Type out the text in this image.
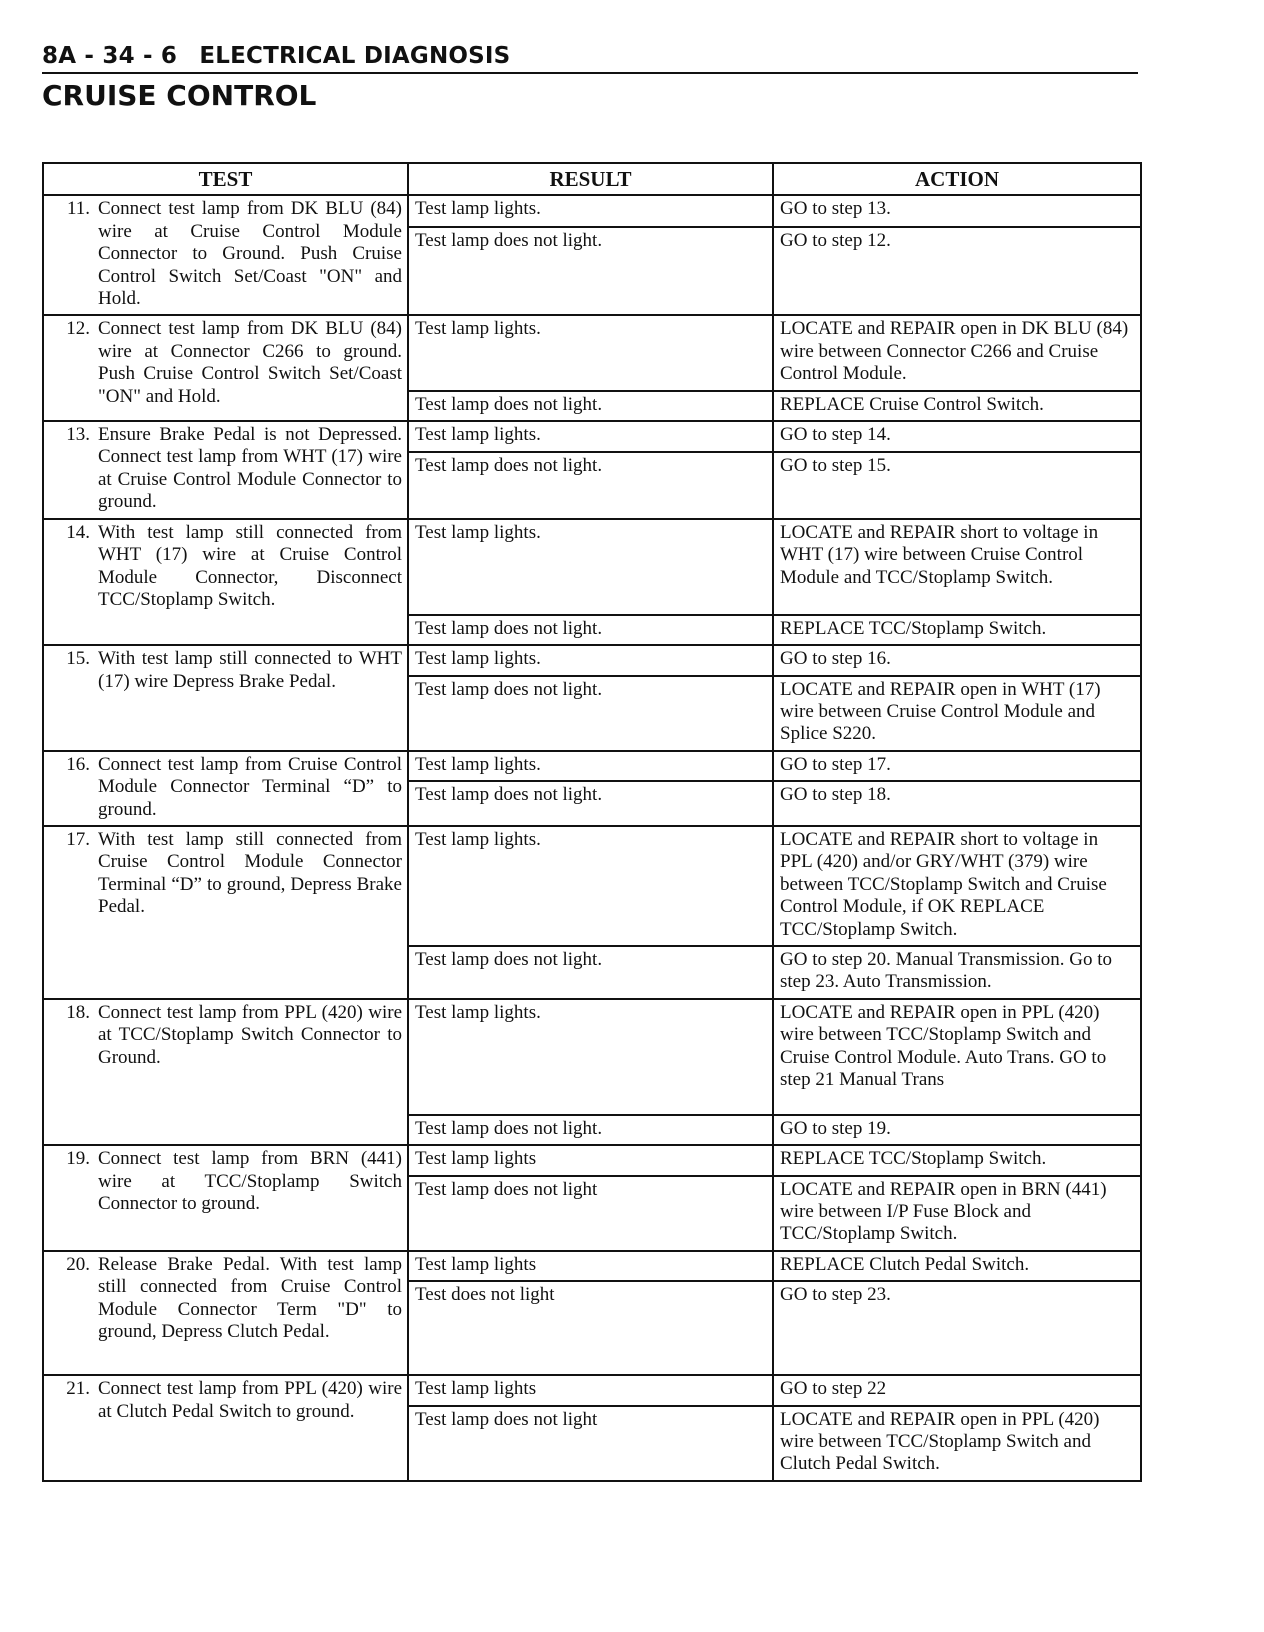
8A - 34 - 6 ELECTRICAL DIAGNOSIS
CRUISE CONTROL
TEST	RESULT	ACTION

11. Connect test lamp from DK BLU (84) wire at Cruise Control Module Connector to Ground. Push Cruise Control Switch Set/Coast "ON" and Hold.	Test lamp lights.	GO to step 13.
	Test lamp does not light.	GO to step 12.

12. Connect test lamp from DK BLU (84) wire at Connector C266 to ground. Push Cruise Control Switch Set/Coast "ON" and Hold.	Test lamp lights.	LOCATE and REPAIR open in DK BLU (84) wire between Connector C266 and Cruise Control Module.
	Test lamp does not light.	REPLACE Cruise Control Switch.

13. Ensure Brake Pedal is not Depressed. Connect test lamp from WHT (17) wire at Cruise Control Module Connector to ground.	Test lamp lights.	GO to step 14.
	Test lamp does not light.	GO to step 15.

14. With test lamp still connected from WHT (17) wire at Cruise Control Module Connector, Disconnect TCC/Stoplamp Switch.	Test lamp lights.	LOCATE and REPAIR short to voltage in WHT (17) wire between Cruise Control Module and TCC/Stoplamp Switch.
	Test lamp does not light.	REPLACE TCC/Stoplamp Switch.

15. With test lamp still connected to WHT (17) wire Depress Brake Pedal.	Test lamp lights.	GO to step 16.
	Test lamp does not light.	LOCATE and REPAIR open in WHT (17) wire between Cruise Control Module and Splice S220.

16. Connect test lamp from Cruise Control Module Connector Terminal “D” to ground.	Test lamp lights.	GO to step 17.
	Test lamp does not light.	GO to step 18.

17. With test lamp still connected from Cruise Control Module Connector Terminal “D” to ground, Depress Brake Pedal.	Test lamp lights.	LOCATE and REPAIR short to voltage in PPL (420) and/or GRY/WHT (379) wire between TCC/Stoplamp Switch and Cruise Control Module, if OK REPLACE TCC/Stoplamp Switch.
	Test lamp does not light.	GO to step 20. Manual Transmission. Go to step 23. Auto Transmission.

18. Connect test lamp from PPL (420) wire at TCC/Stoplamp Switch Connector to Ground.	Test lamp lights.	LOCATE and REPAIR open in PPL (420) wire between TCC/Stoplamp Switch and Cruise Control Module. Auto Trans. GO to step 21 Manual Trans
	Test lamp does not light.	GO to step 19.

19. Connect test lamp from BRN (441) wire at TCC/Stoplamp Switch Connector to ground.	Test lamp lights	REPLACE TCC/Stoplamp Switch.
	Test lamp does not light	LOCATE and REPAIR open in BRN (441) wire between I/P Fuse Block and TCC/Stoplamp Switch.

20. Release Brake Pedal. With test lamp still connected from Cruise Control Module Connector Term "D" to ground, Depress Clutch Pedal.	Test lamp lights	REPLACE Clutch Pedal Switch.
	Test does not light	GO to step 23.

21. Connect test lamp from PPL (420) wire at Clutch Pedal Switch to ground.	Test lamp lights	GO to step 22
	Test lamp does not light	LOCATE and REPAIR open in PPL (420) wire between TCC/Stoplamp Switch and Clutch Pedal Switch.
